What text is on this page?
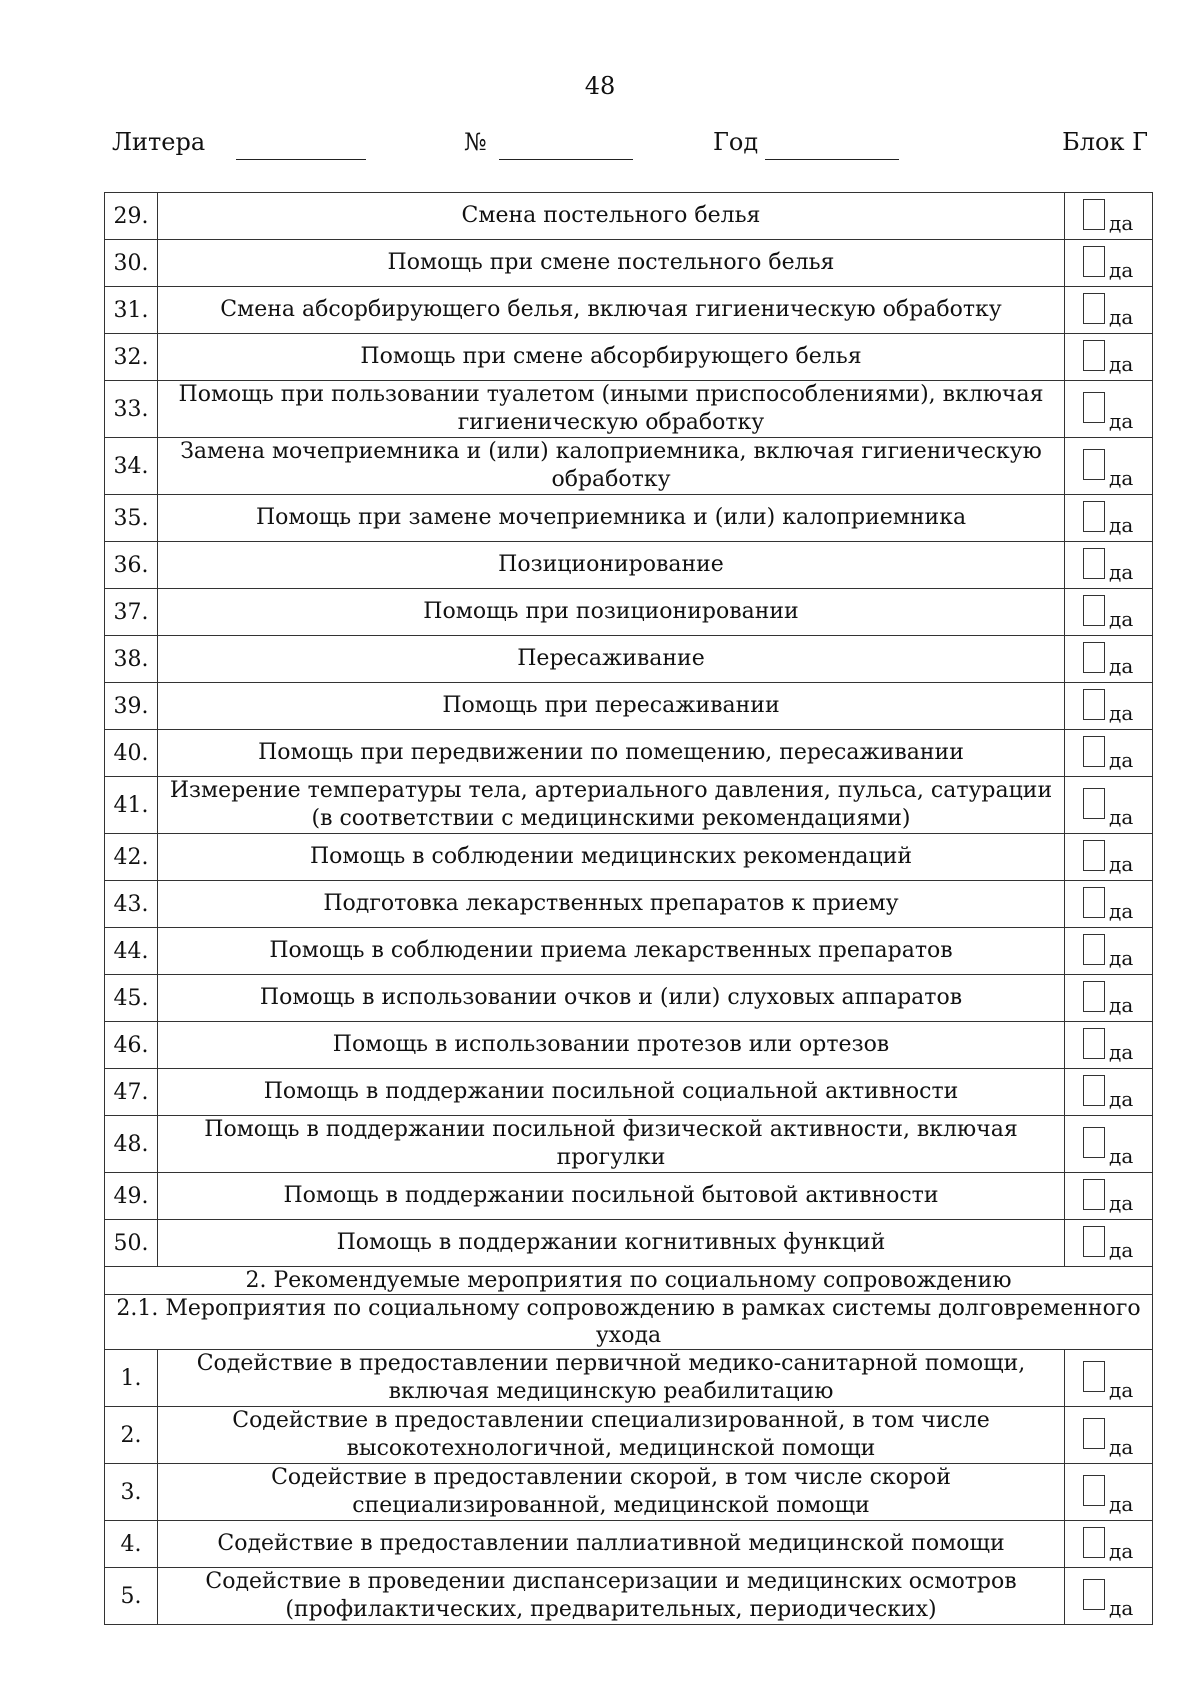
48
Литера	№	Год	Блок Г
29.	Смена постельного белья	да

30.	Помощь при смене постельного белья	да

31.	Смена абсорбирующего белья, включая гигиеническую обработку	да

32.	Помощь при смене абсорбирующего белья	да

33.	Помощь при пользовании туалетом (иными приспособлениями), включая гигиеническую обработку	да

34.	Замена мочеприемника и (или) калоприемника, включая гигиеническую обработку	да

35.	Помощь при замене мочеприемника и (или) калоприемника	да

36.	Позиционирование	да

37.	Помощь при позиционировании	да

38.	Пересаживание	да

39.	Помощь при пересаживании	да

40.	Помощь при передвижении по помещению, пересаживании	да

41.	Измерение температуры тела, артериального давления, пульса, сатурации (в соответствии с медицинскими рекомендациями)	да

42.	Помощь в соблюдении медицинских рекомендаций	да

43.	Подготовка лекарственных препаратов к приему	да

44.	Помощь в соблюдении приема лекарственных препаратов	да

45.	Помощь в использовании очков и (или) слуховых аппаратов	да

46.	Помощь в использовании протезов или ортезов	да

47.	Помощь в поддержании посильной социальной активности	да

48.	Помощь в поддержании посильной физической активности, включая прогулки	да

49.	Помощь в поддержании посильной бытовой активности	да

50.	Помощь в поддержании когнитивных функций	да

2. Рекомендуемые мероприятия по социальному сопровождению		
2.1. Мероприятия по социальному сопровождению в рамках системы долговременного ухода		
1.	Содействие в предоставлении первичной медико-санитарной помощи, включая медицинскую реабилитацию	да

2.	Содействие в предоставлении специализированной, в том числе высокотехнологичной, медицинской помощи	да

3.	Содействие в предоставлении скорой, в том числе скорой специализированной, медицинской помощи	да

4.	Содействие в предоставлении паллиативной медицинской помощи	да

5.	Содействие в проведении диспансеризации и медицинских осмотров (профилактических, предварительных, периодических)	да
